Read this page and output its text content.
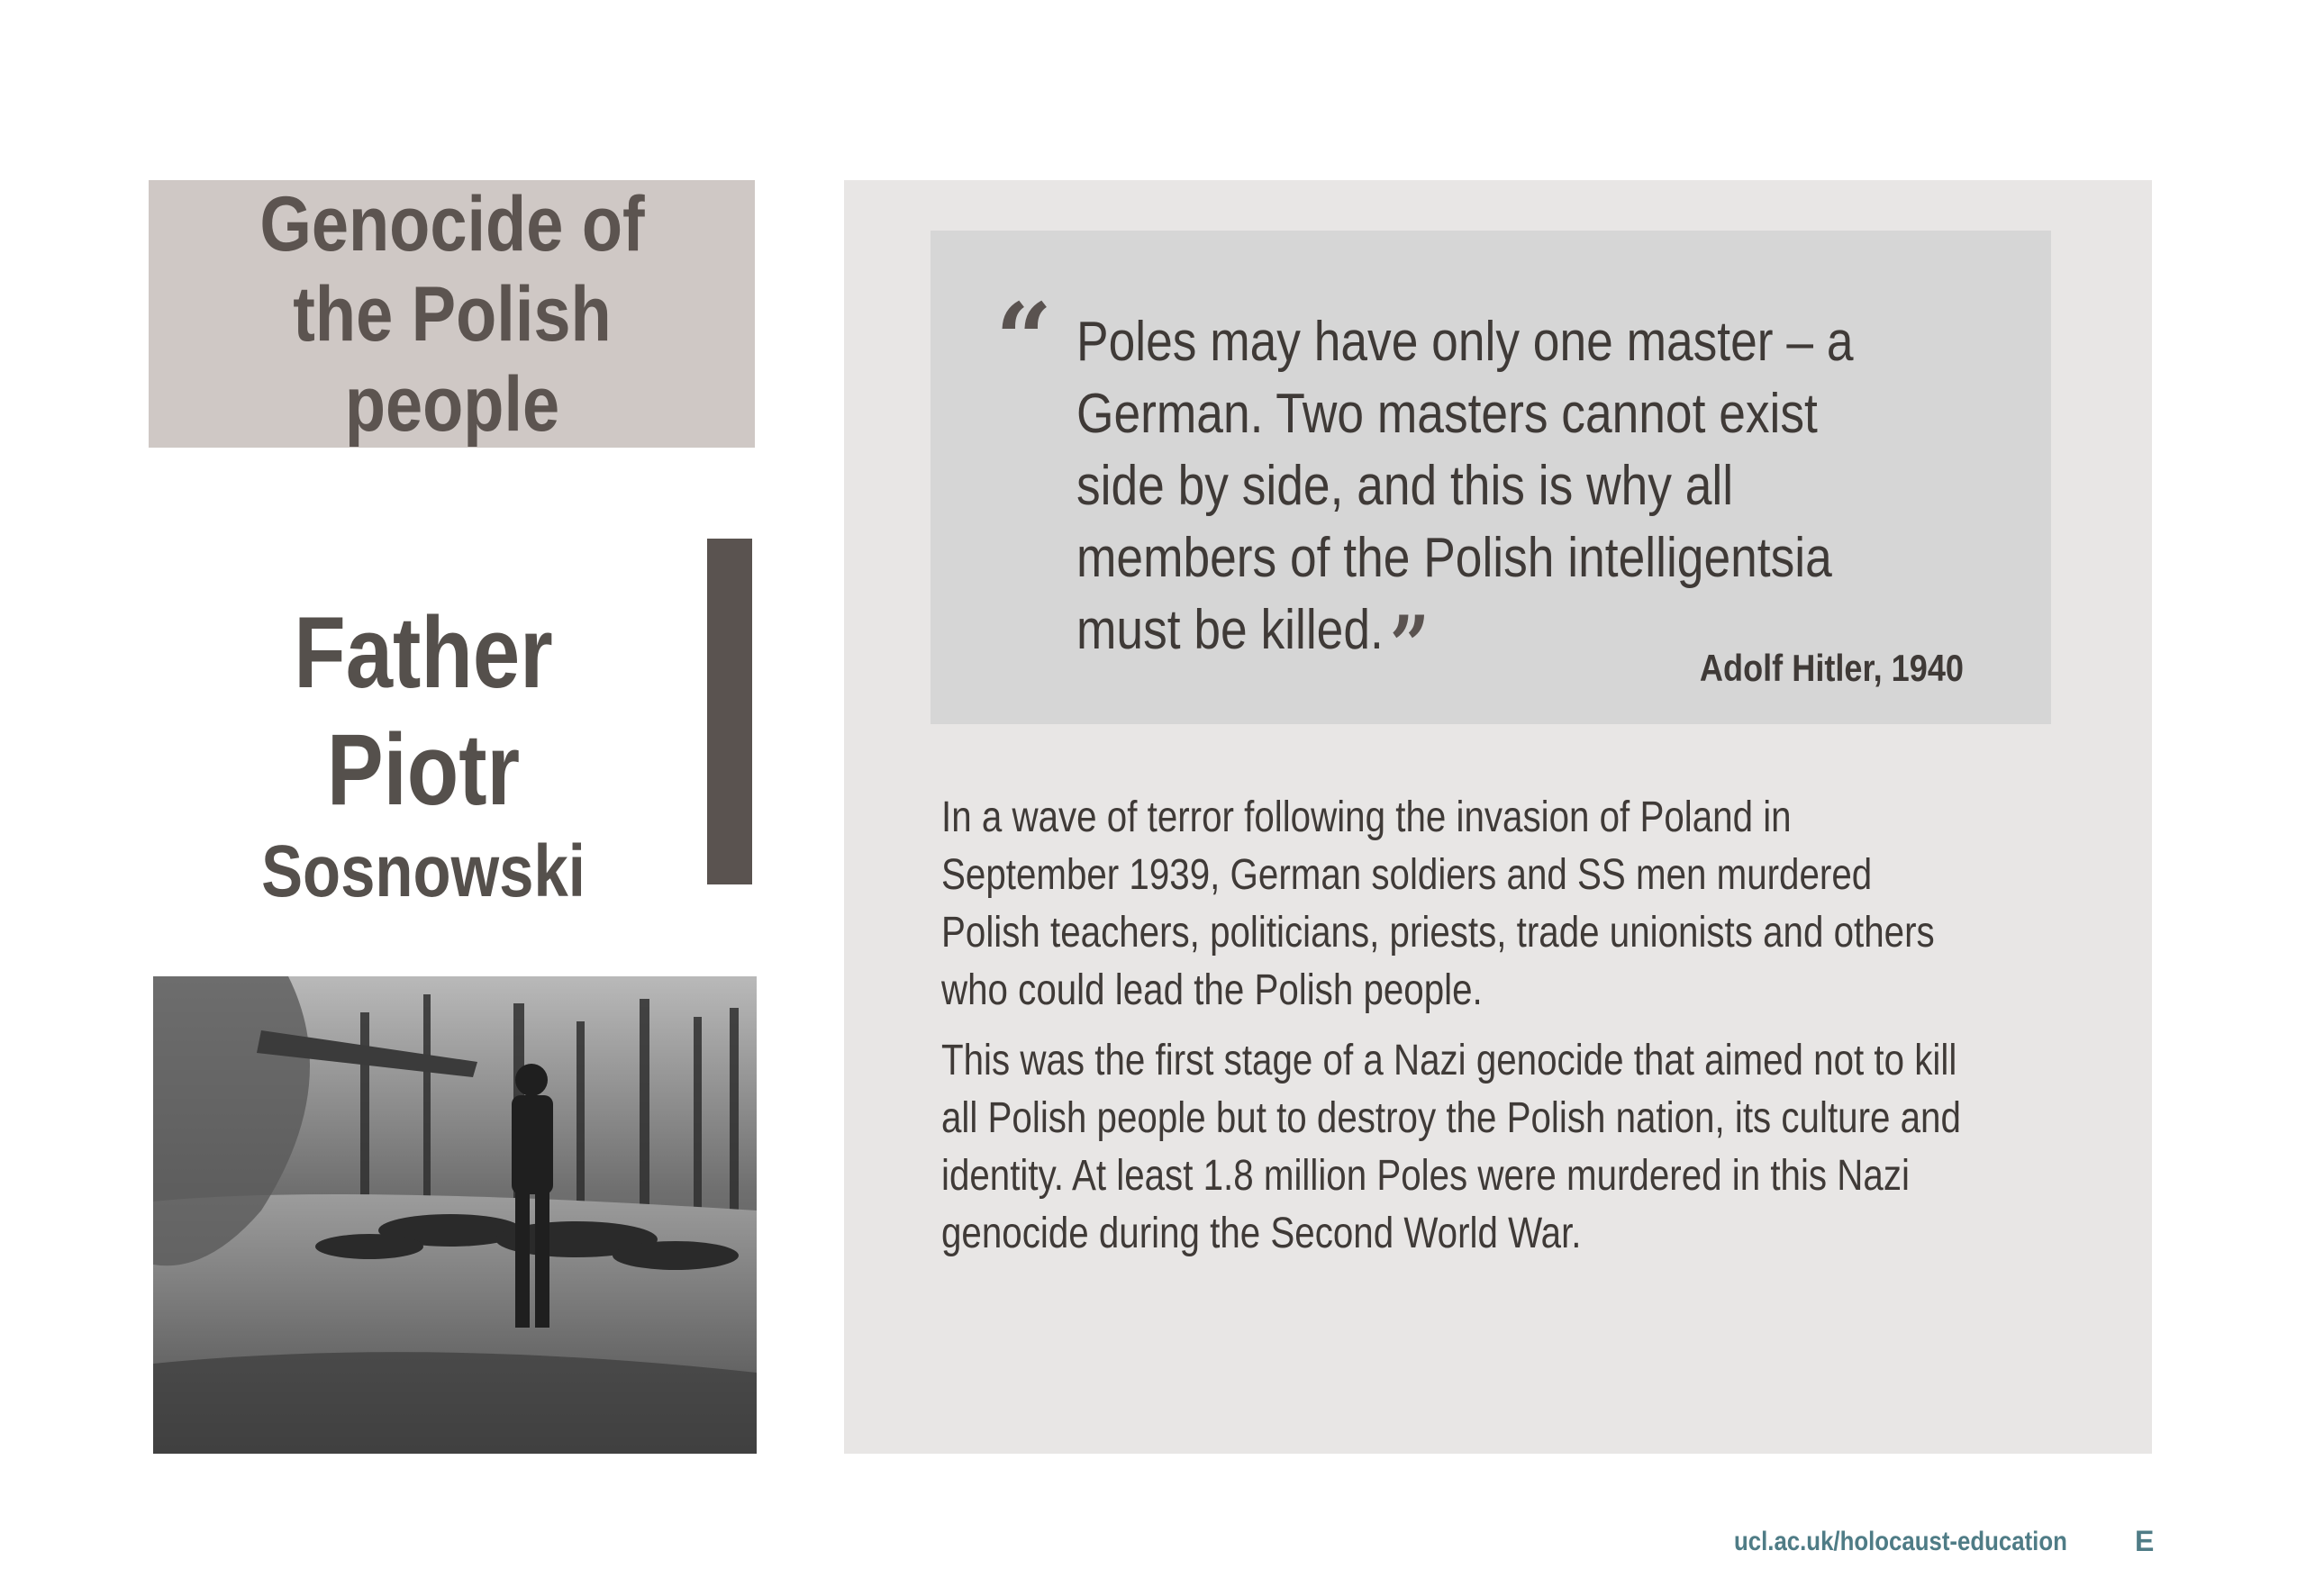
Genocide of the Polish people
Father Piotr
Sosnowski
“ Poles may have only one master – a German. Two masters cannot exist side by side, and this is why all members of the Polish intelligentsia must be killed.”	Adolf Hitler, 1940

In a wave of terror following the invasion of Poland in September 1939, German soldiers and SS men murdered Polish teachers, politicians, priests, trade unionists and others who could lead the Polish people.

This was the first stage of a Nazi genocide that aimed not to kill all Polish people but to destroy the Polish nation, its culture and identity. At least 1.8 million Poles were murdered in this Nazi genocide during the Second World War.

ucl.ac.uk/holocaust-education E
